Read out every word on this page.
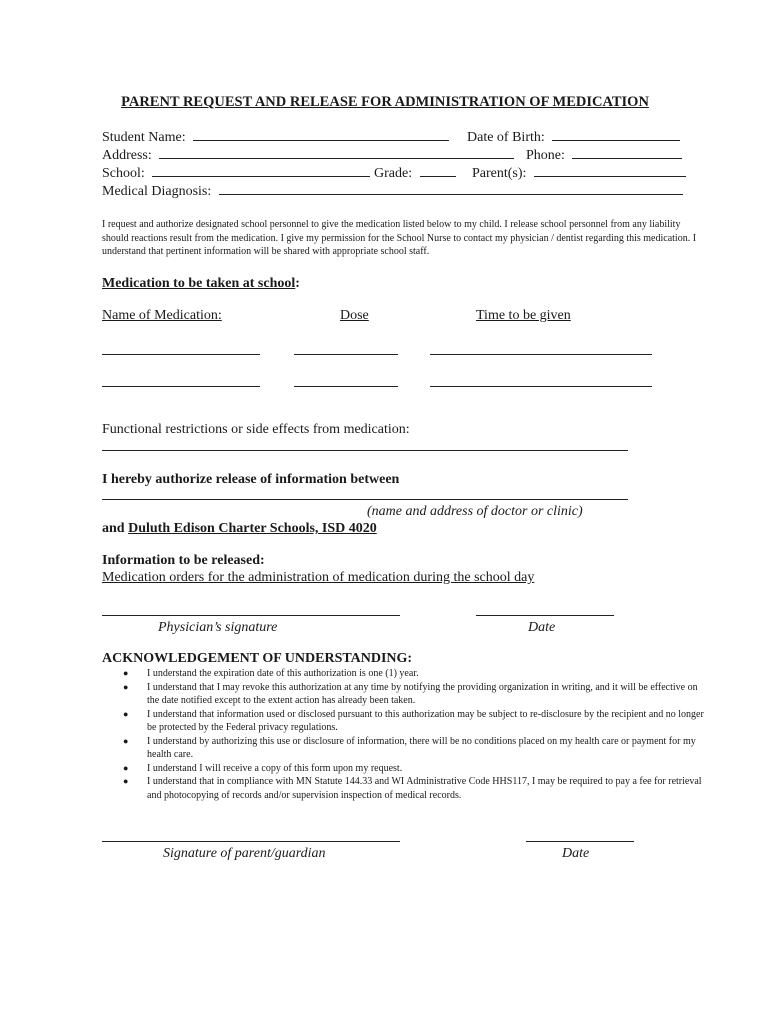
PARENT REQUEST AND RELEASE FOR ADMINISTRATION OF MEDICATION
Student Name:	Date of Birth:
Address:	Phone:
School:	Grade:	Parent(s):
Medical Diagnosis:
I request and authorize designated school personnel to give the medication listed below to my child. I release school personnel from any liability should reactions result from the medication. I give my permission for the School Nurse to contact my physician / dentist regarding this medication. I understand that pertinent information will be shared with appropriate school staff.
Medication to be taken at school:
Name of Medication:	Dose	Time to be given
Functional restrictions or side effects from medication:
I hereby authorize release of information between
(name and address of doctor or clinic)
and Duluth Edison Charter Schools, ISD 4020
Information to be released:
Medication orders for the administration of medication during the school day
Physician’s signature	Date
ACKNOWLEDGEMENT OF UNDERSTANDING:
● I understand the expiration date of this authorization is one (1) year.
● I understand that I may revoke this authorization at any time by notifying the providing organization in writing, and it will be effective on the date notified except to the extent action has already been taken.
● I understand that information used or disclosed pursuant to this authorization may be subject to re-disclosure by the recipient and no longer be protected by the Federal privacy regulations.
● I understand by authorizing this use or disclosure of information, there will be no conditions placed on my health care or payment for my health care.
● I understand I will receive a copy of this form upon my request.
● I understand that in compliance with MN Statute 144.33 and WI Administrative Code HHS117, I may be required to pay a fee for retrieval and photocopying of records and/or supervision inspection of medical records.
Signature of parent/guardian	Date
